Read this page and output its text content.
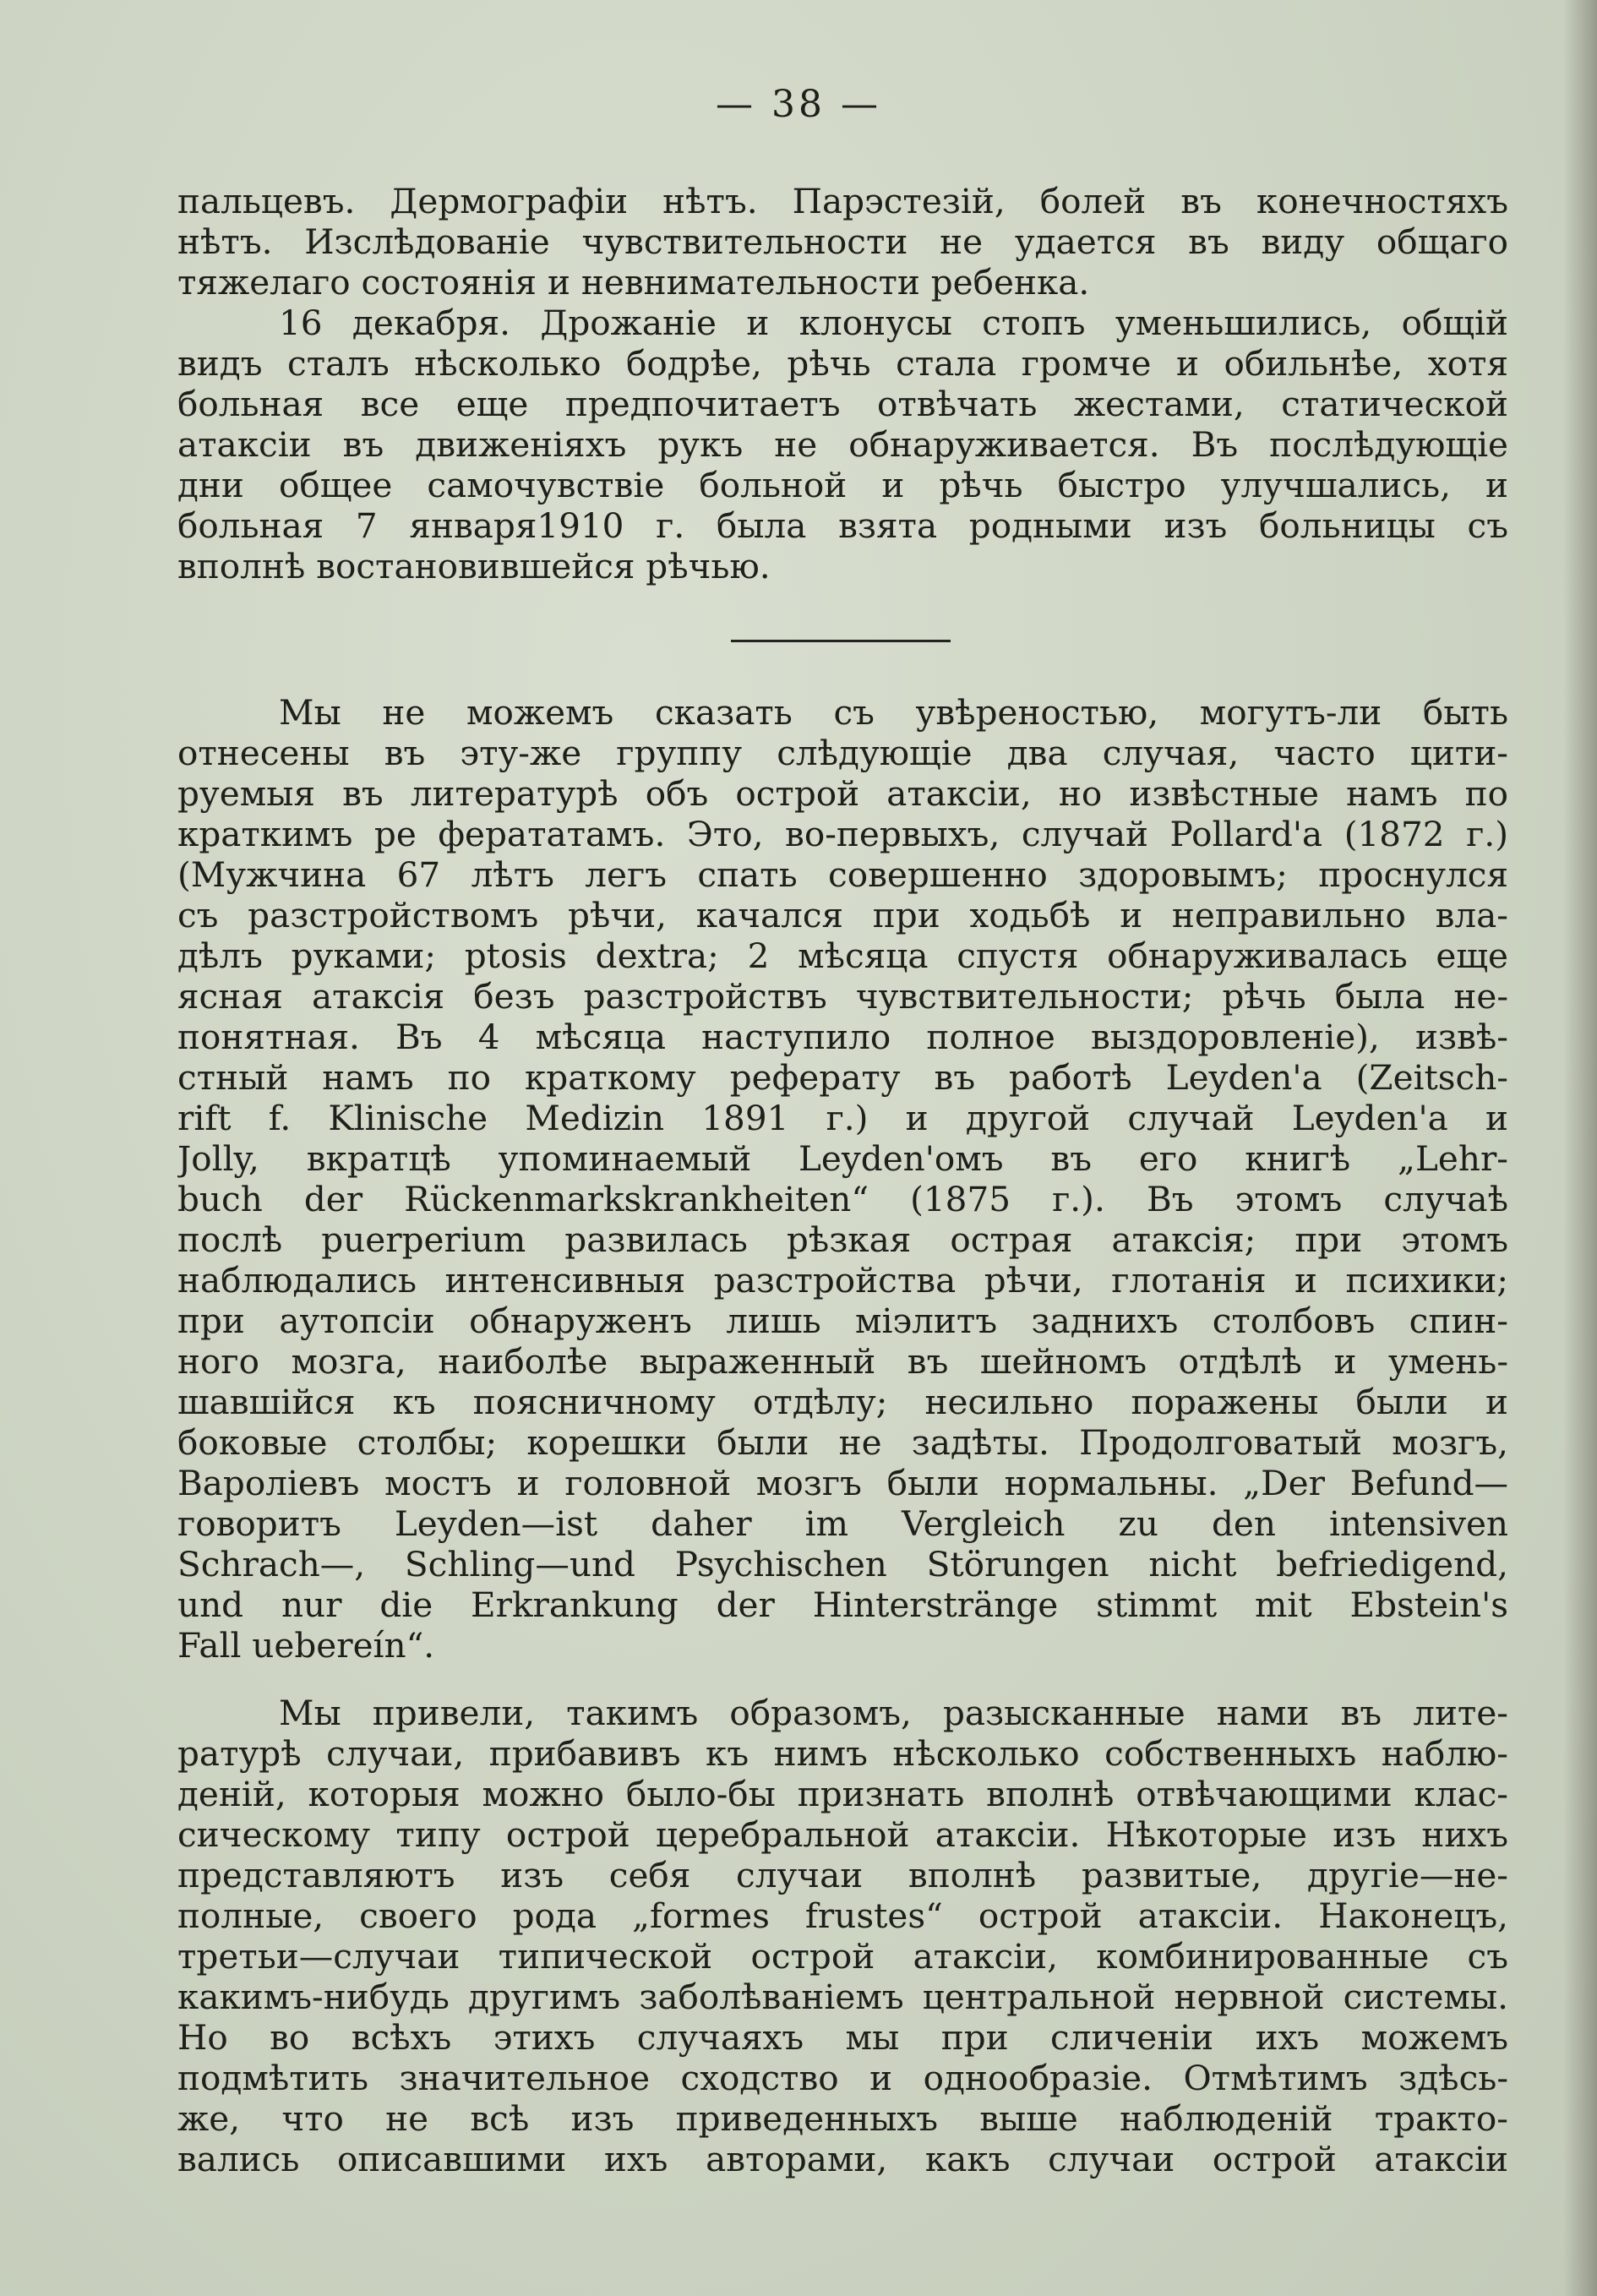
— 38 —
пальцевъ. Дермографіи нѣтъ. Парэстезій, болей въ конечностяхъ
нѣтъ. Изслѣдованіе чувствительности не удается въ виду общаго
тяжелаго состоянія и невнимательности ребенка.
16 декабря. Дрожаніе и клонусы стопъ уменьшились, общій
видъ сталъ нѣсколько бодрѣе, рѣчь стала громче и обильнѣе, хотя
больная все еще предпочитаетъ отвѣчать жестами, статической
атаксіи въ движеніяхъ рукъ не обнаруживается. Въ послѣдующіе
дни общее самочувствіе больной и рѣчь быстро улучшались, и
больная 7 января1910 г. была взята родными изъ больницы съ
вполнѣ востановившейся рѣчью.
Мы не можемъ сказать съ увѣреностью, могутъ-ли быть
отнесены въ эту-же группу слѣдующіе два случая, часто цити-
руемыя въ литературѣ объ острой атаксіи, но извѣстные намъ по
краткимъ ре ферататамъ. Это, во-первыхъ, случай Pollard'a (1872 г.)
(Мужчина 67 лѣтъ легъ спать совершенно здоровымъ; проснулся
съ разстройствомъ рѣчи, качался при ходьбѣ и неправильно вла-
дѣлъ руками; ptosis dextra; 2 мѣсяца спустя обнаруживалась еще
ясная атаксія безъ разстройствъ чувствительности; рѣчь была не-
понятная. Въ 4 мѣсяца наступило полное выздоровленіе), извѣ-
стный намъ по краткому реферату въ работѣ Leyden'a (Zeitsch-
rift f. Klinische Medizin 1891 г.) и другой случай Leyden'a и
Jolly, вкратцѣ упоминаемый Leyden'омъ въ его книгѣ „Lehr-
buch der Rückenmarkskrankheiten“ (1875 г.). Въ этомъ случаѣ
послѣ puerperium развилась рѣзкая острая атаксія; при этомъ
наблюдались интенсивныя разстройства рѣчи, глотанія и психики;
при аутопсіи обнаруженъ лишь міэлитъ заднихъ столбовъ спин-
ного мозга, наиболѣе выраженный въ шейномъ отдѣлѣ и умень-
шавшійся къ поясничному отдѣлу; несильно поражены были и
боковые столбы; корешки были не задѣты. Продолговатый мозгъ,
Вароліевъ мостъ и головной мозгъ были нормальны. „Der Befund—
говоритъ Leyden—ist daher im Vergleich zu den intensiven
Schrach—, Schling—und Psychischen Störungen nicht befriedigend,
und nur die Erkrankung der Hinterstränge stimmt mit Ebstein's
Fall uebereín“.
Мы привели, такимъ образомъ, разысканные нами въ лите-
ратурѣ случаи, прибавивъ къ нимъ нѣсколько собственныхъ наблю-
деній, которыя можно было-бы признать вполнѣ отвѣчающими клас-
сическому типу острой церебральной атаксіи. Нѣкоторые изъ нихъ
представляютъ изъ себя случаи вполнѣ развитые, другіе—не-
полные, своего рода „formes frustes“ острой атаксіи. Наконецъ,
третьи—случаи типической острой атаксіи, комбинированные съ
какимъ-нибудь другимъ заболѣваніемъ центральной нервной системы.
Но во всѣхъ этихъ случаяхъ мы при сличеніи ихъ можемъ
подмѣтить значительное сходство и однообразіе. Отмѣтимъ здѣсь-
же, что не всѣ изъ приведенныхъ выше наблюденій тракто-
вались описавшими ихъ авторами, какъ случаи острой атаксіи
